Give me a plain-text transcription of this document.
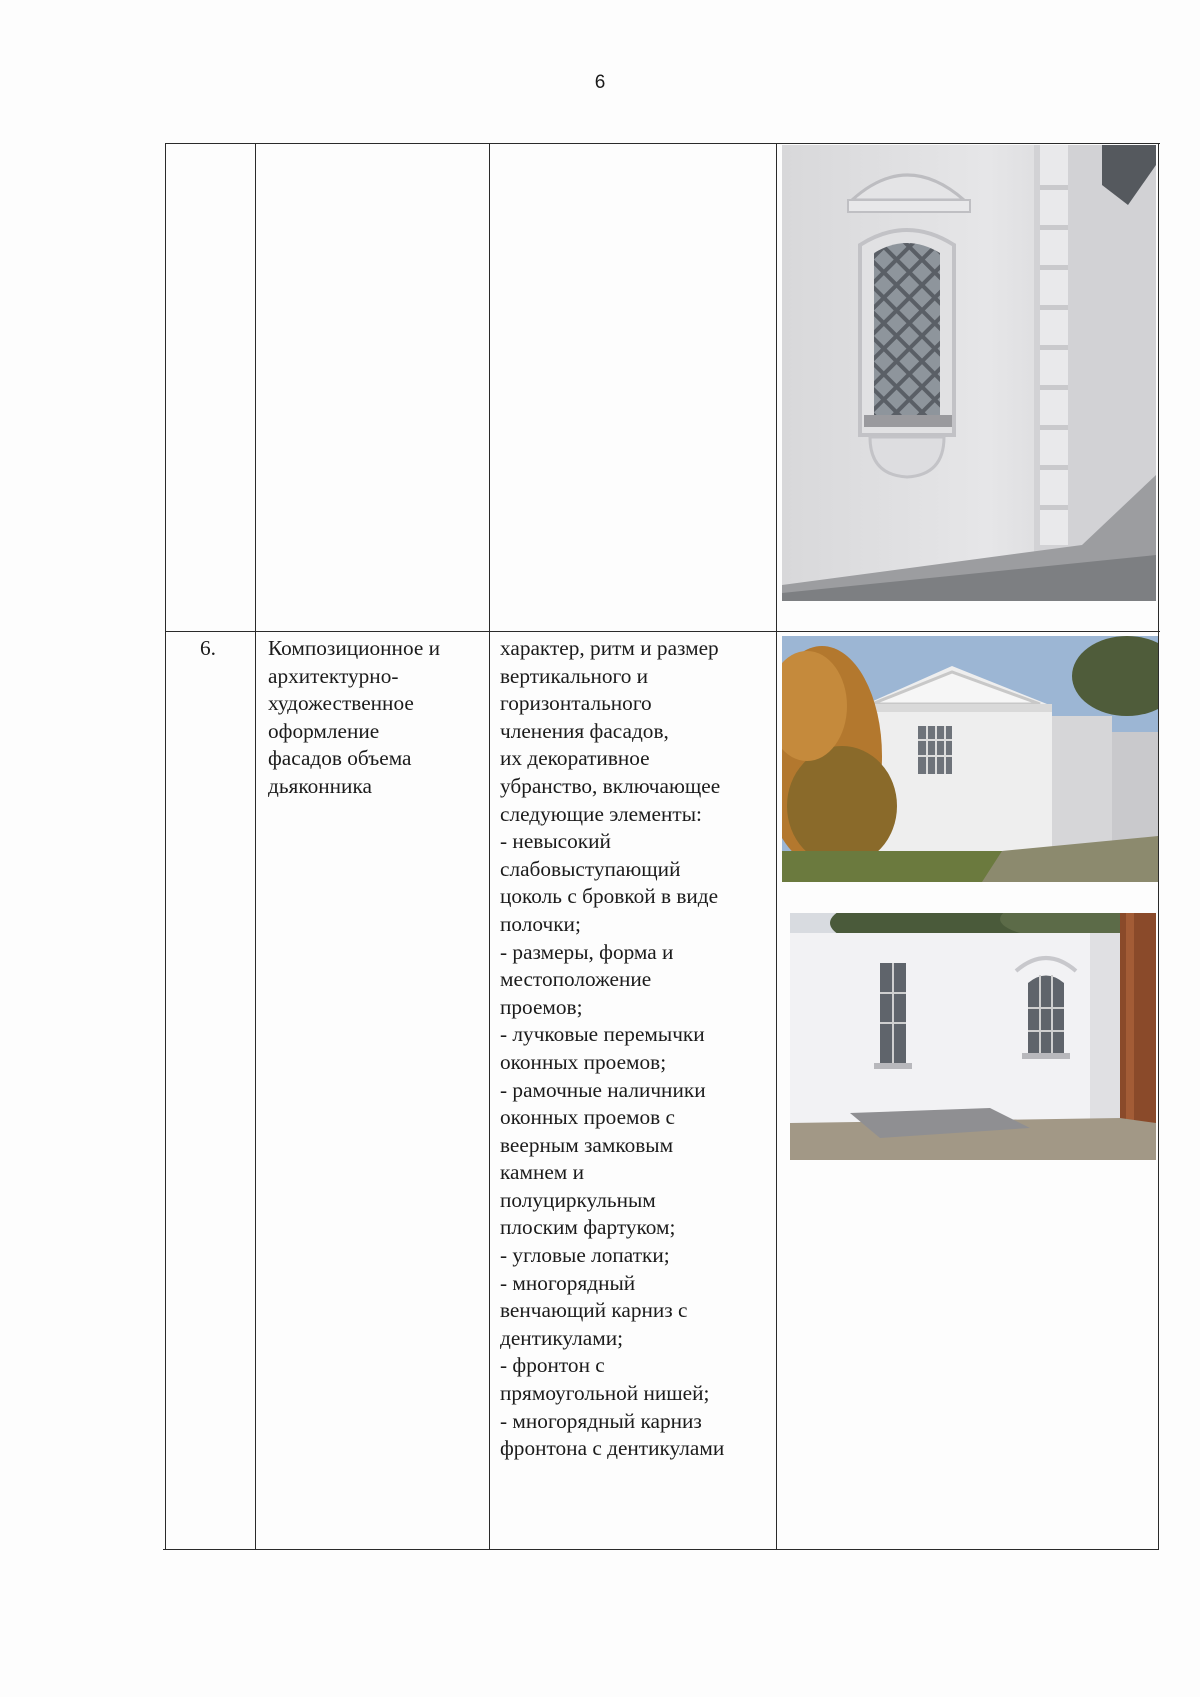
6
6. Композиционное и
архитектурно-
художественное
оформление
фасадов объема
дьяконника
характер, ритм и размер
вертикального и
горизонтального
членения фасадов,
их декоративное
убранство, включающее
следующие элементы:
- невысокий
слабовыступающий
цоколь с бровкой в виде
полочки;
- размеры, форма и
местоположение
проемов;
- лучковые перемычки
оконных проемов;
- рамочные наличники
оконных проемов с
веерным замковым
камнем и
полуциркульным
плоским фартуком;
- угловые лопатки;
- многорядный
венчающий карниз с
дентикулами;
- фронтон с
прямоугольной нишей;
- многорядный карниз
фронтона с дентикулами
